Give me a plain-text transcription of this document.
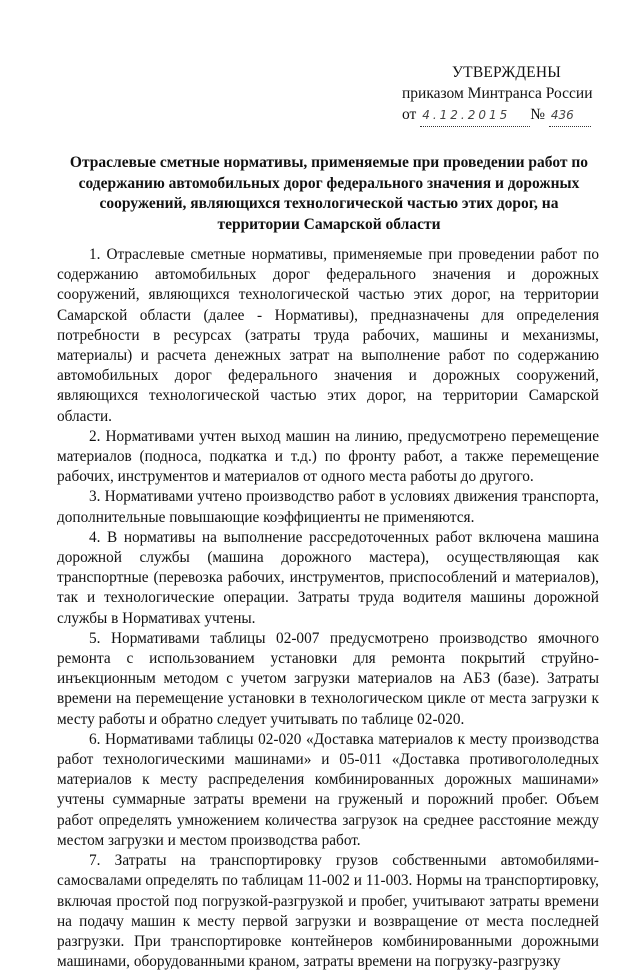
УТВЕРЖДЕНЫ
приказом Минтранса России
от 4.12.2015 № 436
Отраслевые сметные нормативы, применяемые при проведении работ по содержанию автомобильных дорог федерального значения и дорожных сооружений, являющихся технологической частью этих дорог, на территории Самарской области

1. Отраслевые сметные нормативы, применяемые при проведении работ по содержанию автомобильных дорог федерального значения и дорожных сооружений, являющихся технологической частью этих дорог, на территории Самарской области (далее - Нормативы), предназначены для определения потребности в ресурсах (затраты труда рабочих, машины и механизмы, материалы) и расчета денежных затрат на выполнение работ по содержанию автомобильных дорог федерального значения и дорожных сооружений, являющихся технологической частью этих дорог, на территории Самарской области.

2. Нормативами учтен выход машин на линию, предусмотрено перемещение материалов (подноса, подкатка и т.д.) по фронту работ, а также перемещение рабочих, инструментов и материалов от одного места работы до другого.

3. Нормативами учтено производство работ в условиях движения транспорта, дополнительные повышающие коэффициенты не применяются.

4. В нормативы на выполнение рассредоточенных работ включена машина дорожной службы (машина дорожного мастера), осуществляющая как транспортные (перевозка рабочих, инструментов, приспособлений и материалов), так и технологические операции. Затраты труда водителя машины дорожной службы в Нормативах учтены.

5. Нормативами таблицы 02-007 предусмотрено производство ямочного ремонта с использованием установки для ремонта покрытий струйно-инъекционным методом с учетом загрузки материалов на АБЗ (базе). Затраты времени на перемещение установки в технологическом цикле от места загрузки к месту работы и обратно следует учитывать по таблице 02-020.

6. Нормативами таблицы 02-020 «Доставка материалов к месту производства работ технологическими машинами» и 05-011 «Доставка противогололедных материалов к месту распределения комбинированных дорожных машинами» учтены суммарные затраты времени на груженый и порожний пробег. Объем работ определять умножением количества загрузок на среднее расстояние между местом загрузки и местом производства работ.

7. Затраты на транспортировку грузов собственными автомобилями-самосвалами определять по таблицам 11-002 и 11-003. Нормы на транспортировку, включая простой под погрузкой-разгрузкой и пробег, учитывают затраты времени на подачу машин к месту первой загрузки и возвращение от места последней разгрузки. При транспортировке контейнеров комбинированными дорожными машинами, оборудованными краном, затраты времени на погрузку-разгрузку
